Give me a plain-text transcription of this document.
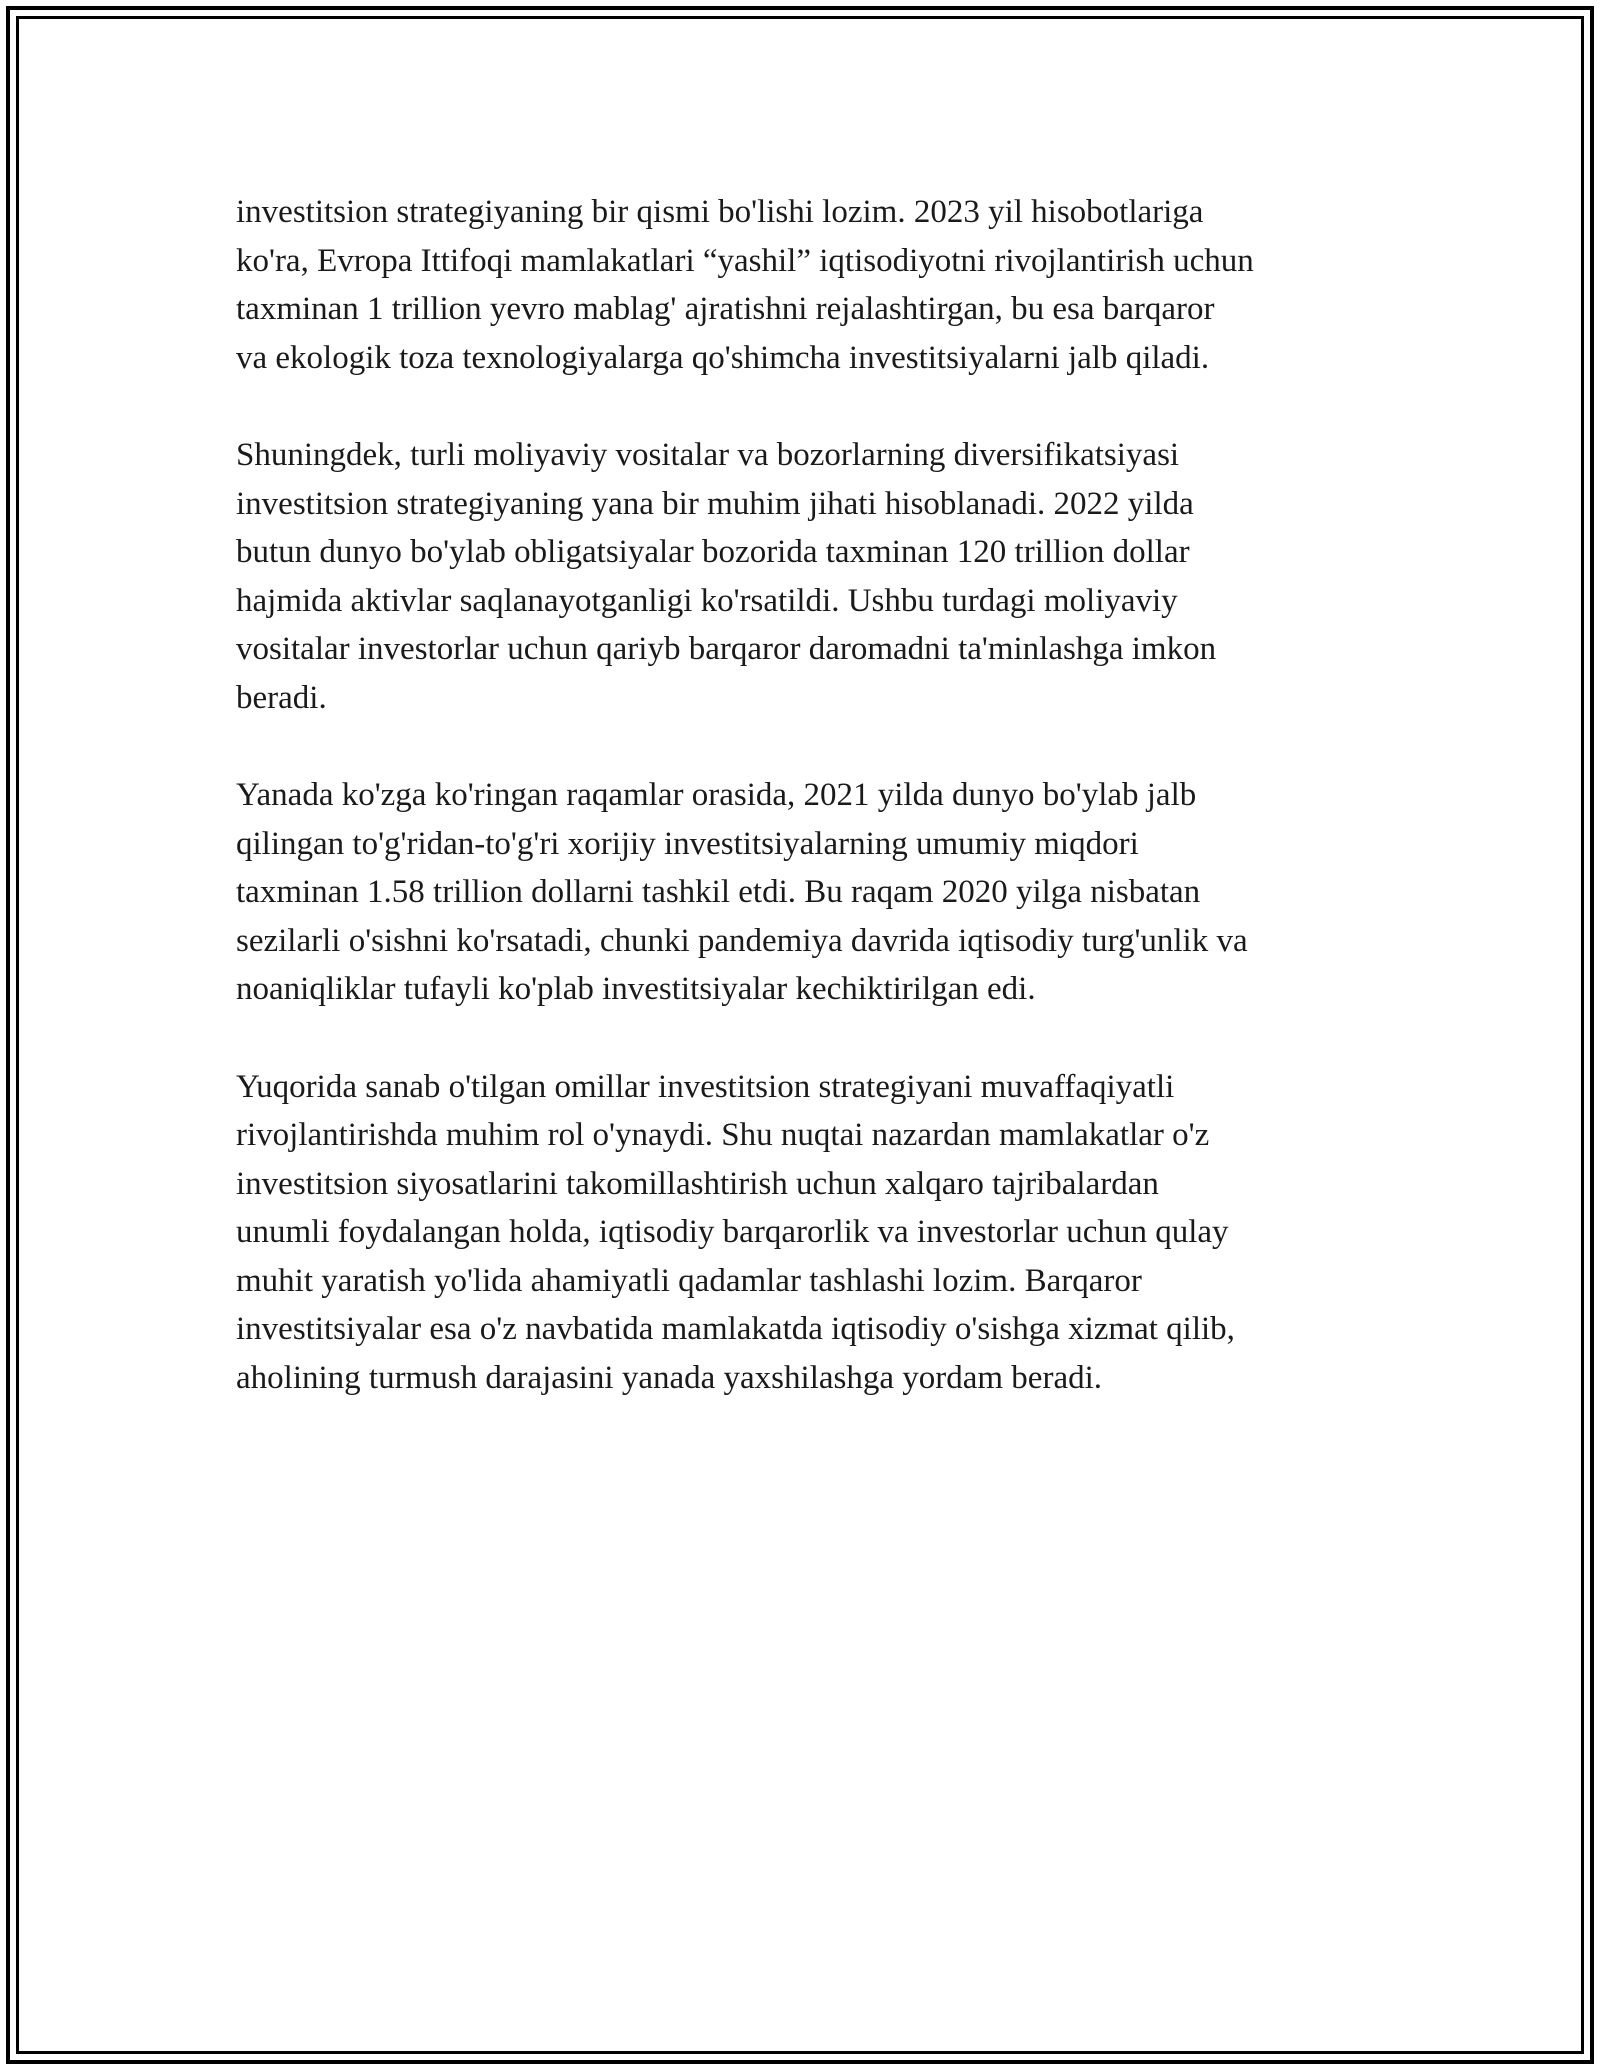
investitsion strategiyaning bir qismi bo'lishi lozim. 2023 yil hisobotlariga
ko'ra, Evropa Ittifoqi mamlakatlari “yashil” iqtisodiyotni rivojlantirish uchun
taxminan 1 trillion yevro mablag' ajratishni rejalashtirgan, bu esa barqaror
va ekologik toza texnologiyalarga qo'shimcha investitsiyalarni jalb qiladi.

Shuningdek, turli moliyaviy vositalar va bozorlarning diversifikatsiyasi
investitsion strategiyaning yana bir muhim jihati hisoblanadi. 2022 yilda
butun dunyo bo'ylab obligatsiyalar bozorida taxminan 120 trillion dollar
hajmida aktivlar saqlanayotganligi ko'rsatildi. Ushbu turdagi moliyaviy
vositalar investorlar uchun qariyb barqaror daromadni ta'minlashga imkon
beradi.

Yanada ko'zga ko'ringan raqamlar orasida, 2021 yilda dunyo bo'ylab jalb
qilingan to'g'ridan-to'g'ri xorijiy investitsiyalarning umumiy miqdori
taxminan 1.58 trillion dollarni tashkil etdi. Bu raqam 2020 yilga nisbatan
sezilarli o'sishni ko'rsatadi, chunki pandemiya davrida iqtisodiy turg'unlik va
noaniqliklar tufayli ko'plab investitsiyalar kechiktirilgan edi.

Yuqorida sanab o'tilgan omillar investitsion strategiyani muvaffaqiyatli
rivojlantirishda muhim rol o'ynaydi. Shu nuqtai nazardan mamlakatlar o'z
investitsion siyosatlarini takomillashtirish uchun xalqaro tajribalardan
unumli foydalangan holda, iqtisodiy barqarorlik va investorlar uchun qulay
muhit yaratish yo'lida ahamiyatli qadamlar tashlashi lozim. Barqaror
investitsiyalar esa o'z navbatida mamlakatda iqtisodiy o'sishga xizmat qilib,
aholining turmush darajasini yanada yaxshilashga yordam beradi.
